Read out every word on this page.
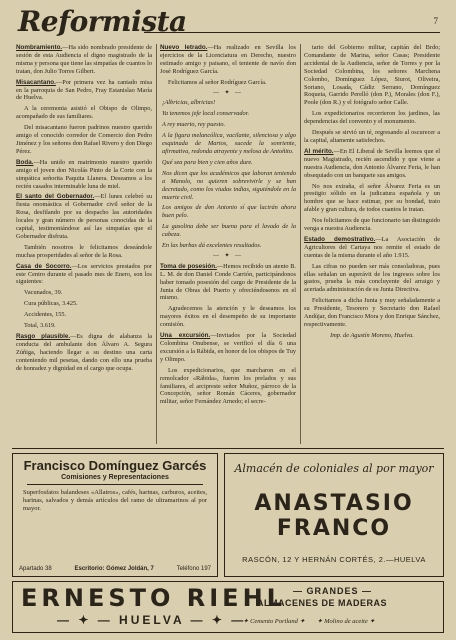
Reformista	7
Nombramiento.—Ha sido nombrado presidente de sesión de esta Audiencia el digno magistrado de la misma y persona que tiene las simpatías de cuantos lo tratan, don Julio Torres Gilbert.
Misacantano.—Por primera vez ha cantado misa en la parroquia de San Pedro, Fray Estanislao María de Huelva.
A la ceremonia asistió el Obispo de Olimpo, acompañado de sus familiares.
Del misacantano fueron padrinos nuestro querido amigo el conocido corredor de Comercio don Pedro Jiménez y los señores don Rafael Rivero y don Diego Pérez.
Boda.—Ha unido en matrimonio nuestro querido amigo el joven don Nicolás Pinto de la Corte con la simpática señorita Paquita Llanera. Deseamos a los recién casados interminable luna de miel.
El santo del Gobernador.—El lunes celebró su fiesta onomástica el Gobernador civil señor de la Rosa, desfilando por su despacho las autoridades locales y gran número de personas conocidas de la capital, testimoniándose así las simpatías que el Gobernador disfruta.
También nosotros le felicitamos deseándole muchas prosperidades al señor de la Rosa.
Casa de Socorro.—Los servicios prestados por este Centro durante el pasado mes de Enero, son los siguientes:
Vacunados, 39.
Cura públicas, 3.425.
Accidentes, 155.
Total, 3.619.
Rasgo plausible.—Es digna de alabanza la conducta del ambulante don Álvaro A. Segura Zúñiga, haciendo llegar a su destino una carta conteniendo mil pesetas, dando con ello una prueba de honradez y dignidad en el cargo que ocupa.
Nuevo letrado.—Ha realizado en Sevilla los ejercicios de la Licenciatura en Derecho, nuestro estimado amigo y paisano, el teniente de navío don José Rodríguez García.
Felicitamos al señor Rodríguez García.
— ✦ —
¡Albricias, albricias!
Ya tenemos jefe local conservador.
A rey muerto, rey puesto.
A la figura melancólica, vacilante, silenciosa y algo esquinada de Martos, sucede la sonriente, afirmativa, redonda atrayente y melosa de Antoñito.
Qué sea para bien y cien años dure.
Nos dicen que los académicos que laboran teniendo a Manolo, no quieren sobrevivirle y se han decretado, como los viudas indias, siguiéndole en la muerte civil.
Los amigos de don Antonio sí que lucirán ahora buen pelo.
La gasolina debe ser buena para el lavado de la cabeza.
En las barbas dá excelentes resultados.
— ✦ —
Toma de posesión.—Hemos recibido un atento B. L. M. de don Daniel Conde Carrión, participándonos haber tomado posesión del cargo de Presidente de la Junta de Obras del Puerto y ofreciéndosenos en el mismo.
Agradecemos la atención y le deseamos los mayores éxitos en el desempeño de su importante comisión.
Una excursión.—Invitados por la Sociedad Colombina Onubense, se verificó el día 6 una excursión a la Rábida, en honor de los obispos de Tuy y Olimpo.
Los expedicionarios, que marcharon en el remolcador «Rábida», fueron los prelados y sus familiares, el arcipreste señor Muñoz, párroco de la Concepción, señor Román Cáceres, gobernador militar, señor Fernández Arnedo; el secre-
tario del Gobierno militar, capitán del Brdo; Comandante de Marina, señor Casas; Presidente accidental de la Audiencia, señor de Torres y por la Sociedad Colombina, los señores Marchena Colombo, Domínguez López, Siurot, Oliveira, Soriano, Losada, Cádiz Serrano, Domínguez Roqueta, Garrido Perelló (don P.), Morales (don F.), Poole (don R.) y el fotógrafo señor Calle.
Los expedicionarios recorrieron los jardines, las dependencias del convento y el monumento.
Después se sirvió un té, regresando al oscurecer a la capital, altamente satisfechos.
Al mérito.—En El Liberal de Sevilla leemos que el nuevo Magistrado, recién ascendido y que viene a nuestra Audiencia, don Antonio Álvarez Feria, le han obsequiado con un banquete sus amigos.
No nos extraña, el señor Álvarez Feria es un prestigio sólido en la judicatura española y un hombre que se hace estimar, por su bondad, trato afable y gran cultura, de todos cuantos le tratan.
Nos felicitamos de que funcionario tan distinguido venga a nuestra Audiencia.
Estado demostrativo.—La Asociación de Agricultores del Cartaya nos remite el estado de cuentas de la misma durante el año 1.915.
Las cifras no pueden ser más consoladoras, pues ellas señalan un superávit de los ingresos sobre los gastos, prueba la más concluyente del arraigo y acertada administración de su Junta Directiva.
Felicitamos a dicha Junta y muy señaladamente a su Presidente, Tesorero y Secretario don Rafael Andújar, don Francisco Mora y don Enrique Sánchez, respectivamente.
Imp. de Agustín Moreno, Huelva.
Francisco Domínguez Garcés
Comisiones y Representaciones
Superfosfatos balandeses «Allatros», cafés, harinas, carburos, aceites, harinas, salvados y demás artículos del ramo de ultramarinos al por mayor.
Apartado 38	Escritorio: Gómez Joldán, 7	Teléfono 197
Almacén de coloniales al por mayor
ANASTASIO FRANCO
RASCÓN, 12 Y HERNÁN CORTÉS, 2.—HUELVA
ERNESTO RIEHL
— ✦ — HUELVA — ✦ —
— GRANDES —
ALMACENES DE MADERAS
✦ Cemento Portland ✦ ✦ Molino de aceite ✦
